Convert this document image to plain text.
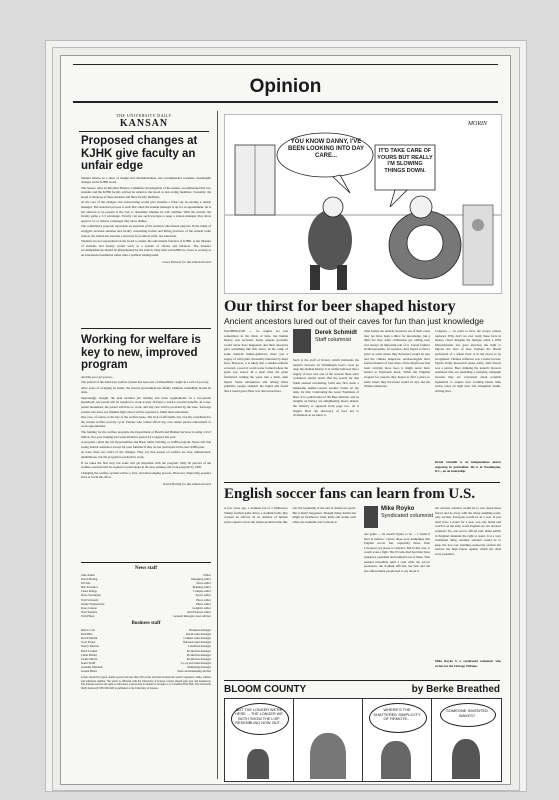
Opinion
THE UNIVERSITY DAILY
KANSAN
Proposed changes at KJHK give faculty an unfair edge

Student Senate, in a show of insight and charmindedness, has recommended workable, meaningful changes in the KJHK board.

The Senate, after an informal Finance Committee investigation of the station, recommended that two students and the KJHK faculty adviser be added to the board as non-voting members. Currently, the board is made up of three students and three faculty members.

At the core of the changes, the restructuring would give students a fairer say in electing a station manager. The selection process is such that when the student manager is up for re-appointment, he is not allowed to be present at the vote to determine whether he will continue. With the current, the faculty gains a 3-3 advantage. Faculty can use such leverage to keep a station manager they show approve of, or remove a manager they show dislike.

The committee's proposal represents an assertion of the station's educational purpose. In the midst of struggles between students and faculty concerning format and hiring practices of the student radio station, the station has become a structure for political strife, not education.

Students are not represented on the board to ensure the educational function of KJHK. A fair mixture of students and faculty would work as a system of checks and balances. The Senate's recommendations should be implemented by the station. Only then will KJHK be closer to serving as an educational institution rather than a political battleground.

Grace Hobson for the editorial board
Working for welfare is key to new, improved program

And the poor get poorer...

The pattern of the American welfare system has been one of inflexibility caught in a web of poverty.

After years of wringing its hands, the federal government has finally admitted something should be done.

Surprisingly enough, the plan includes job training and work requirements. In a two-parent household, one parent will be required to work at least 16 hours a week to receive benefits. In a one-parent household, the parent will have to work, and day care will be provided by the state. Teen-age parents who have not finished high school will be required to finish their educations.

Day care, of course, is the key of the welfare issue. The lack of affordable day care has contributed to the current welfare poverty cycle. Parents who cannot afford day care cannot pursue educational or work opportunities.

The funding for the welfare program, the Department of Health and Human Services is using a $3.3 billion, five-year training and work initiative passed by Congress last year.

A program, called the Job Opportunities and Basic Skills Training, or JOBS program. States will risk losing federal assistance except for poor families if they do not participate in the new JOBS plan.

At least, there are critics of the changes. They say that people on welfare are lazy, unmotivated, unambitious, but the program is productive work.

If we takes the first step, but some will get impatient with the program. Only 20 percent of the welfare caseload will be required to participate in the new training and work program by 1995.

Changing the welfare system will be a slow and discouraging process. However, improving people's lives is worth the effort.

Karen Boring for the editorial board
News staff
Julie Adam	Editor
Karen Boring	Managing editor
Jill Jess	News editor
Deb Kvasnica	Planning editor
Laura Pedigo	Campus editor
Dave Stromgren	Sports editor
Tom Schwartz	Photo editor
Jennie Wojtkiewicz	Photo editor
Ross Cannon	Graphics editor
Noel Sanders	Arts/Features editor
Tom Eblen	General manager, news adviser
Business staff
Debra Cole	Business manager
Patti Hile	Retail sales manager
Kevin Martin	Campus sales manager
Scott Fraser	National sales manager
Nancy Duncan	Classified manager
Brad Lorimer	Production manager
Linda Primer	Production manager
Jackie Martin	Production manager
Karin Wolff	Co-op and sales manager
Jeannine Mitchell	Marketing manager
Jeanne Hines	Sales and marketing adviser
Letters should be typed, double-spaced and less than 250 words and must include the writer's signature, name, address and telephone number. The writer is affiliated with the University of Kansas. Letters should state year and hometown. The Kansan reserves the right to edit letters. Letters may be mailed or brought to 111 Stauffer-Flint Hall. The University Daily Kansan (USPS 650-640) is published at the University of Kansas.
YOU KNOW DANNY, I'VE BEEN LOOKING INTO DAY CARE...
IT'D TAKE CARE OF YOURS BUT REALLY I'M SLOWING THINGS DOWN.
MORIN
Our thirst for beer shaped history
Ancient ancestors lured out of their caves for fun than just knowledge
Derek Schmidt
Staff columnist
WASHINGTON — So origins are lost somewhere in the mists of time, but human history was recorded, homo sapiens probably would never have happened, and their ancestors gave something like this. Once, in the camp of some nomadic hunter-gatherers, there was a supply of wild grain. Pleasantly inherited by inept food. However, it is likely that a sudden outburst occurred, a pool of warm water formed where the grain was stored. In a short time the grain fermented, turning the water into a thick, dark liquid. Some adventurers and among these primitive people sampled the liquid and found that it tasted good. Beer was discovered here.
Such is the stuff of fiction, which maintains the nation's brewers. In Washington beer's roots go deep into human history. It is widely believed that a supply of beer was one of the reasons these early wanderers settled down. But the search for that fluids seemed everlasting. Until one, first week, a handsome leather-colored booklet found on my desk. Its title: Celebrating the Great Traditions of Beer. It is a publication of the Beer Institute, and its insights on history are enlightening. Read, indeed, the industry is apparent from page two. As it begins: How the discovery of beer led to civilization as we know it.
what fueled our ancient ancestors out of their caves may not have been a thirst for knowledge, but a thirst for beer. After civilization got rolling, beer was always an important part of it. Cereal farmers in Mesopotamia, for instance, they hoped to find a place to settle where they harvested would be ripe and the climate temperate. Archaeologists have found evidence of beer there. If the Mayflower had been carrying more beer, it might never have landed at Plymouth Rock. When the Pilgrims stopped for reasons they hoped to find a place to settle where they harvested would be ripe and the climate temperate.
Congress — in order to have the troops' rations replaced. Why don't we ever study these facts in history class? Imagine the intrigue when a 1659 Massachusetts law gave alewives the right to impose the laws of beer. Perhaps the liberal profession of a wheat brew is in the mood to be recognized. Thomas Jefferson was a home brewer. Myrtle Teddy Roosevelt spoke softly. John Tweed was a patriot. Beer drinking the nation's brewers estimated they are launching a lobbying campaign because they are concerned about possible legislation to require beer warning labels, hike excise taxes on light beer and strengthen drunk-driving laws.
Derek Schmidt is an independence junior majoring in journalism. He is in Washington, D.C., on an internship.
English soccer fans can learn from U.S.
Mike Royko
Syndicated columnist
A few years ago, a drunken fan of a Minnesota Viking football game threw a stadium bottle that cracked an official. In an outburst of human sports experts across the nation predicted that this was the beginning of the end of American sports. But it hasn't happened. Though many Americans might be inclined to bash, knife and stomp each other, the stadiums don't tolerate it.
one game — he doesn't figure to do — I found it hard to believe. I know those poor dumplings that English soccer fan, especially those from Liverpool, are prone to violence. But in this case, it wasn't even a fight. The 95 who died had their lives squeezed, squashed and trampled out of them. That seemed incredible until I read what the soccer promoters, the stadium officials, the fans and the law enforcement people had to say about it.
An obvious solution would be to tear down these fences and do away with the cheap standing-room-only section. Everyone would be in a seat. If you don't have a ticket for a seat, you stay home and watch it on the telly, as the English say. An obvious solution? No, one soccer official said. Other public in England demands the right to stand. It is a very traditional thing. Another solution would be to keep the low-cost standing-room-only section but remove the high fences against which the dead were squashed.
Mike Royko is a syndicated columnist who writes for the Chicago Tribune.
BLOOM COUNTY	by Berke Breathed
BUT THE LONGER WE'RE HERE ... THE LONGER WE BOTH SHOW THE LISP RESEMBLING NOW, BUT...
WHERE'S THE SHATTERED SIMPLICITY OF REMOTE...
SOMEONE INVENTED WAVES?
